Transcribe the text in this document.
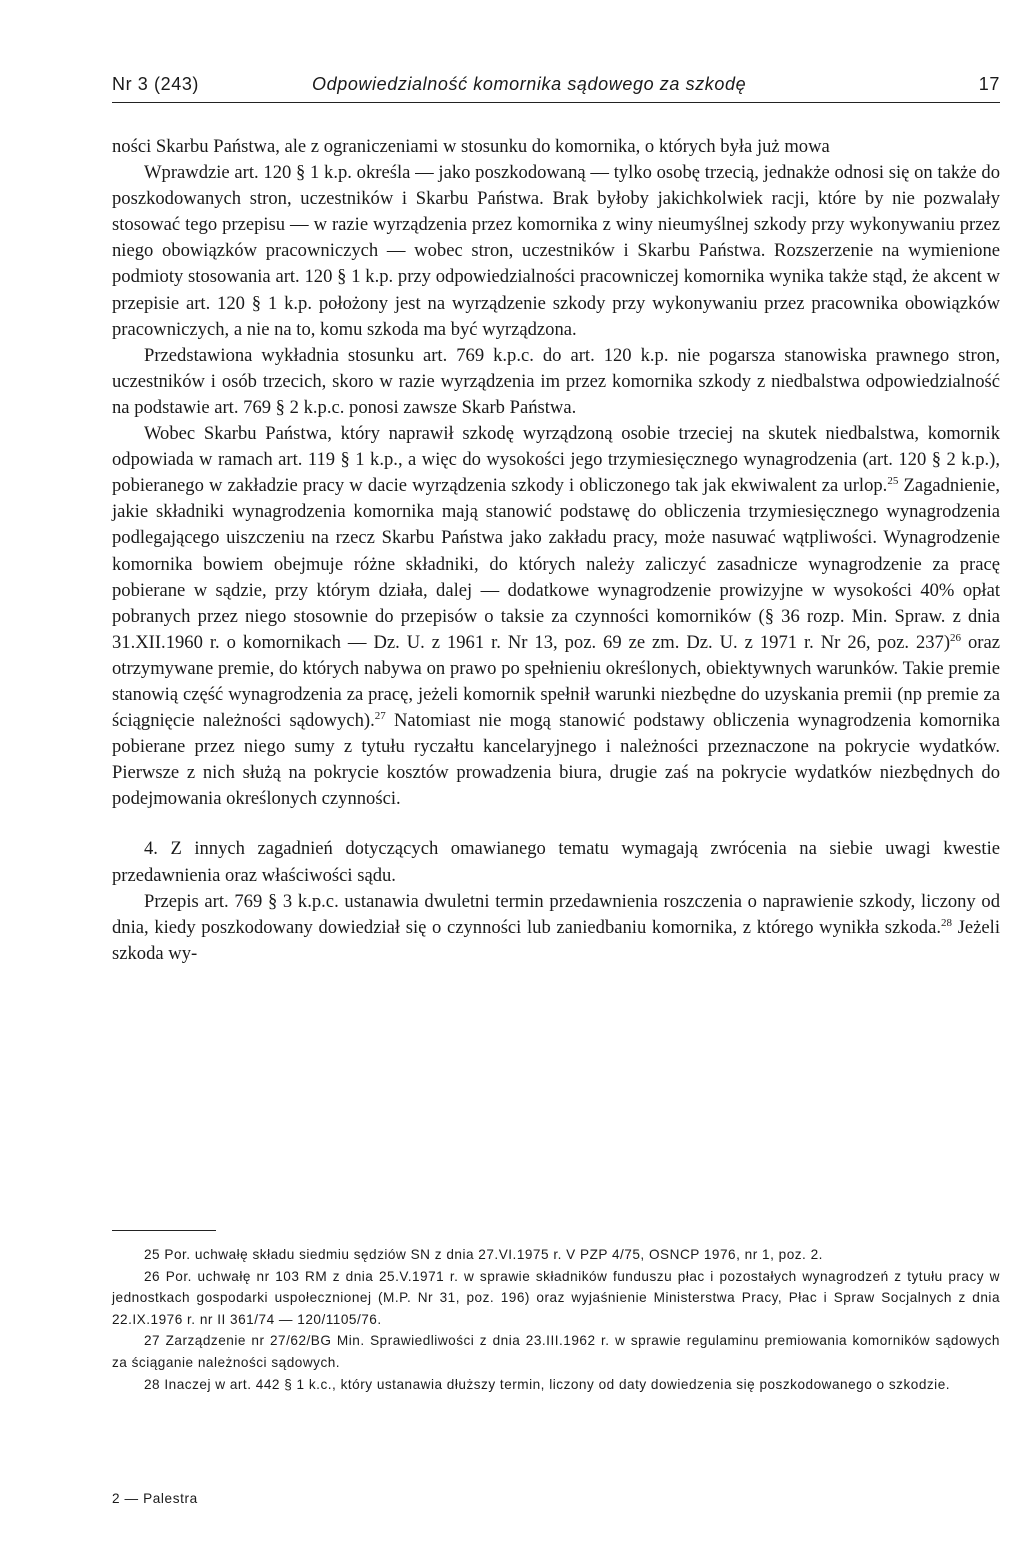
Nr 3 (243)	Odpowiedzialność komornika sądowego za szkodę	17

ności Skarbu Państwa, ale z ograniczeniami w stosunku do komornika, o których była już mowa

Wprawdzie art. 120 § 1 k.p. określa — jako poszkodowaną — tylko osobę trzecią, jednakże odnosi się on także do poszkodowanych stron, uczestników i Skarbu Państwa. Brak byłoby jakichkolwiek racji, które by nie pozwalały stosować tego przepisu — w razie wyrządzenia przez komornika z winy nieumyślnej szkody przy wykonywaniu przez niego obowiązków pracowniczych — wobec stron, uczestników i Skarbu Państwa. Rozszerzenie na wymienione podmioty stosowania art. 120 § 1 k.p. przy odpowiedzialności pracowniczej komornika wynika także stąd, że akcent w przepisie art. 120 § 1 k.p. położony jest na wyrządzenie szkody przy wykonywaniu przez pracownika obowiązków pracowniczych, a nie na to, komu szkoda ma być wyrządzona.

Przedstawiona wykładnia stosunku art. 769 k.p.c. do art. 120 k.p. nie pogarsza stanowiska prawnego stron, uczestników i osób trzecich, skoro w razie wyrządzenia im przez komornika szkody z niedbalstwa odpowiedzialność na podstawie art. 769 § 2 k.p.c. ponosi zawsze Skarb Państwa.

Wobec Skarbu Państwa, który naprawił szkodę wyrządzoną osobie trzeciej na skutek niedbalstwa, komornik odpowiada w ramach art. 119 § 1 k.p., a więc do wysokości jego trzymiesięcznego wynagrodzenia (art. 120 § 2 k.p.), pobieranego w zakładzie pracy w dacie wyrządzenia szkody i obliczonego tak jak ekwiwalent za urlop.$^{25}$ Zagadnienie, jakie składniki wynagrodzenia komornika mają stanowić podstawę do obliczenia trzymiesięcznego wynagrodzenia podlegającego uiszczeniu na rzecz Skarbu Państwa jako zakładu pracy, może nasuwać wątpliwości. Wynagrodzenie komornika bowiem obejmuje różne składniki, do których należy zaliczyć zasadnicze wynagrodzenie za pracę pobierane w sądzie, przy którym działa, dalej — dodatkowe wynagrodzenie prowizyjne w wysokości 40% opłat pobranych przez niego stosownie do przepisów o taksie za czynności komorników (§ 36 rozp. Min. Spraw. z dnia 31.XII.1960 r. o komornikach — Dz. U. z 1961 r. Nr 13, poz. 69 ze zm. Dz. U. z 1971 r. Nr 26, poz. 237)$^{26}$ oraz otrzymywane premie, do których nabywa on prawo po spełnieniu określonych, obiektywnych warunków. Takie premie stanowią część wynagrodzenia za pracę, jeżeli komornik spełnił warunki niezbędne do uzyskania premii (np premie za ściągnięcie należności sądowych).$^{27}$ Natomiast nie mogą stanowić podstawy obliczenia wynagrodzenia komornika pobierane przez niego sumy z tytułu ryczałtu kancelaryjnego i należności przeznaczone na pokrycie wydatków. Pierwsze z nich służą na pokrycie kosztów prowadzenia biura, drugie zaś na pokrycie wydatków niezbędnych do podejmowania określonych czynności.

4. Z innych zagadnień dotyczących omawianego tematu wymagają zwrócenia na siebie uwagi kwestie przedawnienia oraz właściwości sądu.

Przepis art. 769 § 3 k.p.c. ustanawia dwuletni termin przedawnienia roszczenia o naprawienie szkody, liczony od dnia, kiedy poszkodowany dowiedział się o czynności lub zaniedbaniu komornika, z którego wynikła szkoda.$^{28}$ Jeżeli szkoda wy-

25 Por. uchwałę składu siedmiu sędziów SN z dnia 27.VI.1975 r. V PZP 4/75, OSNCP 1976, nr 1, poz. 2.

26 Por. uchwałę nr 103 RM z dnia 25.V.1971 r. w sprawie składników funduszu płac i pozostałych wynagrodzeń z tytułu pracy w jednostkach gospodarki uspołecznionej (M.P. Nr 31, poz. 196) oraz wyjaśnienie Ministerstwa Pracy, Płac i Spraw Socjalnych z dnia 22.IX.1976 r. nr II 361/74 — 120/1105/76.

27 Zarządzenie nr 27/62/BG Min. Sprawiedliwości z dnia 23.III.1962 r. w sprawie regulaminu premiowania komorników sądowych za ściąganie należności sądowych.

28 Inaczej w art. 442 § 1 k.c., który ustanawia dłuższy termin, liczony od daty dowiedzenia się poszkodowanego o szkodzie.

2 — Palestra
